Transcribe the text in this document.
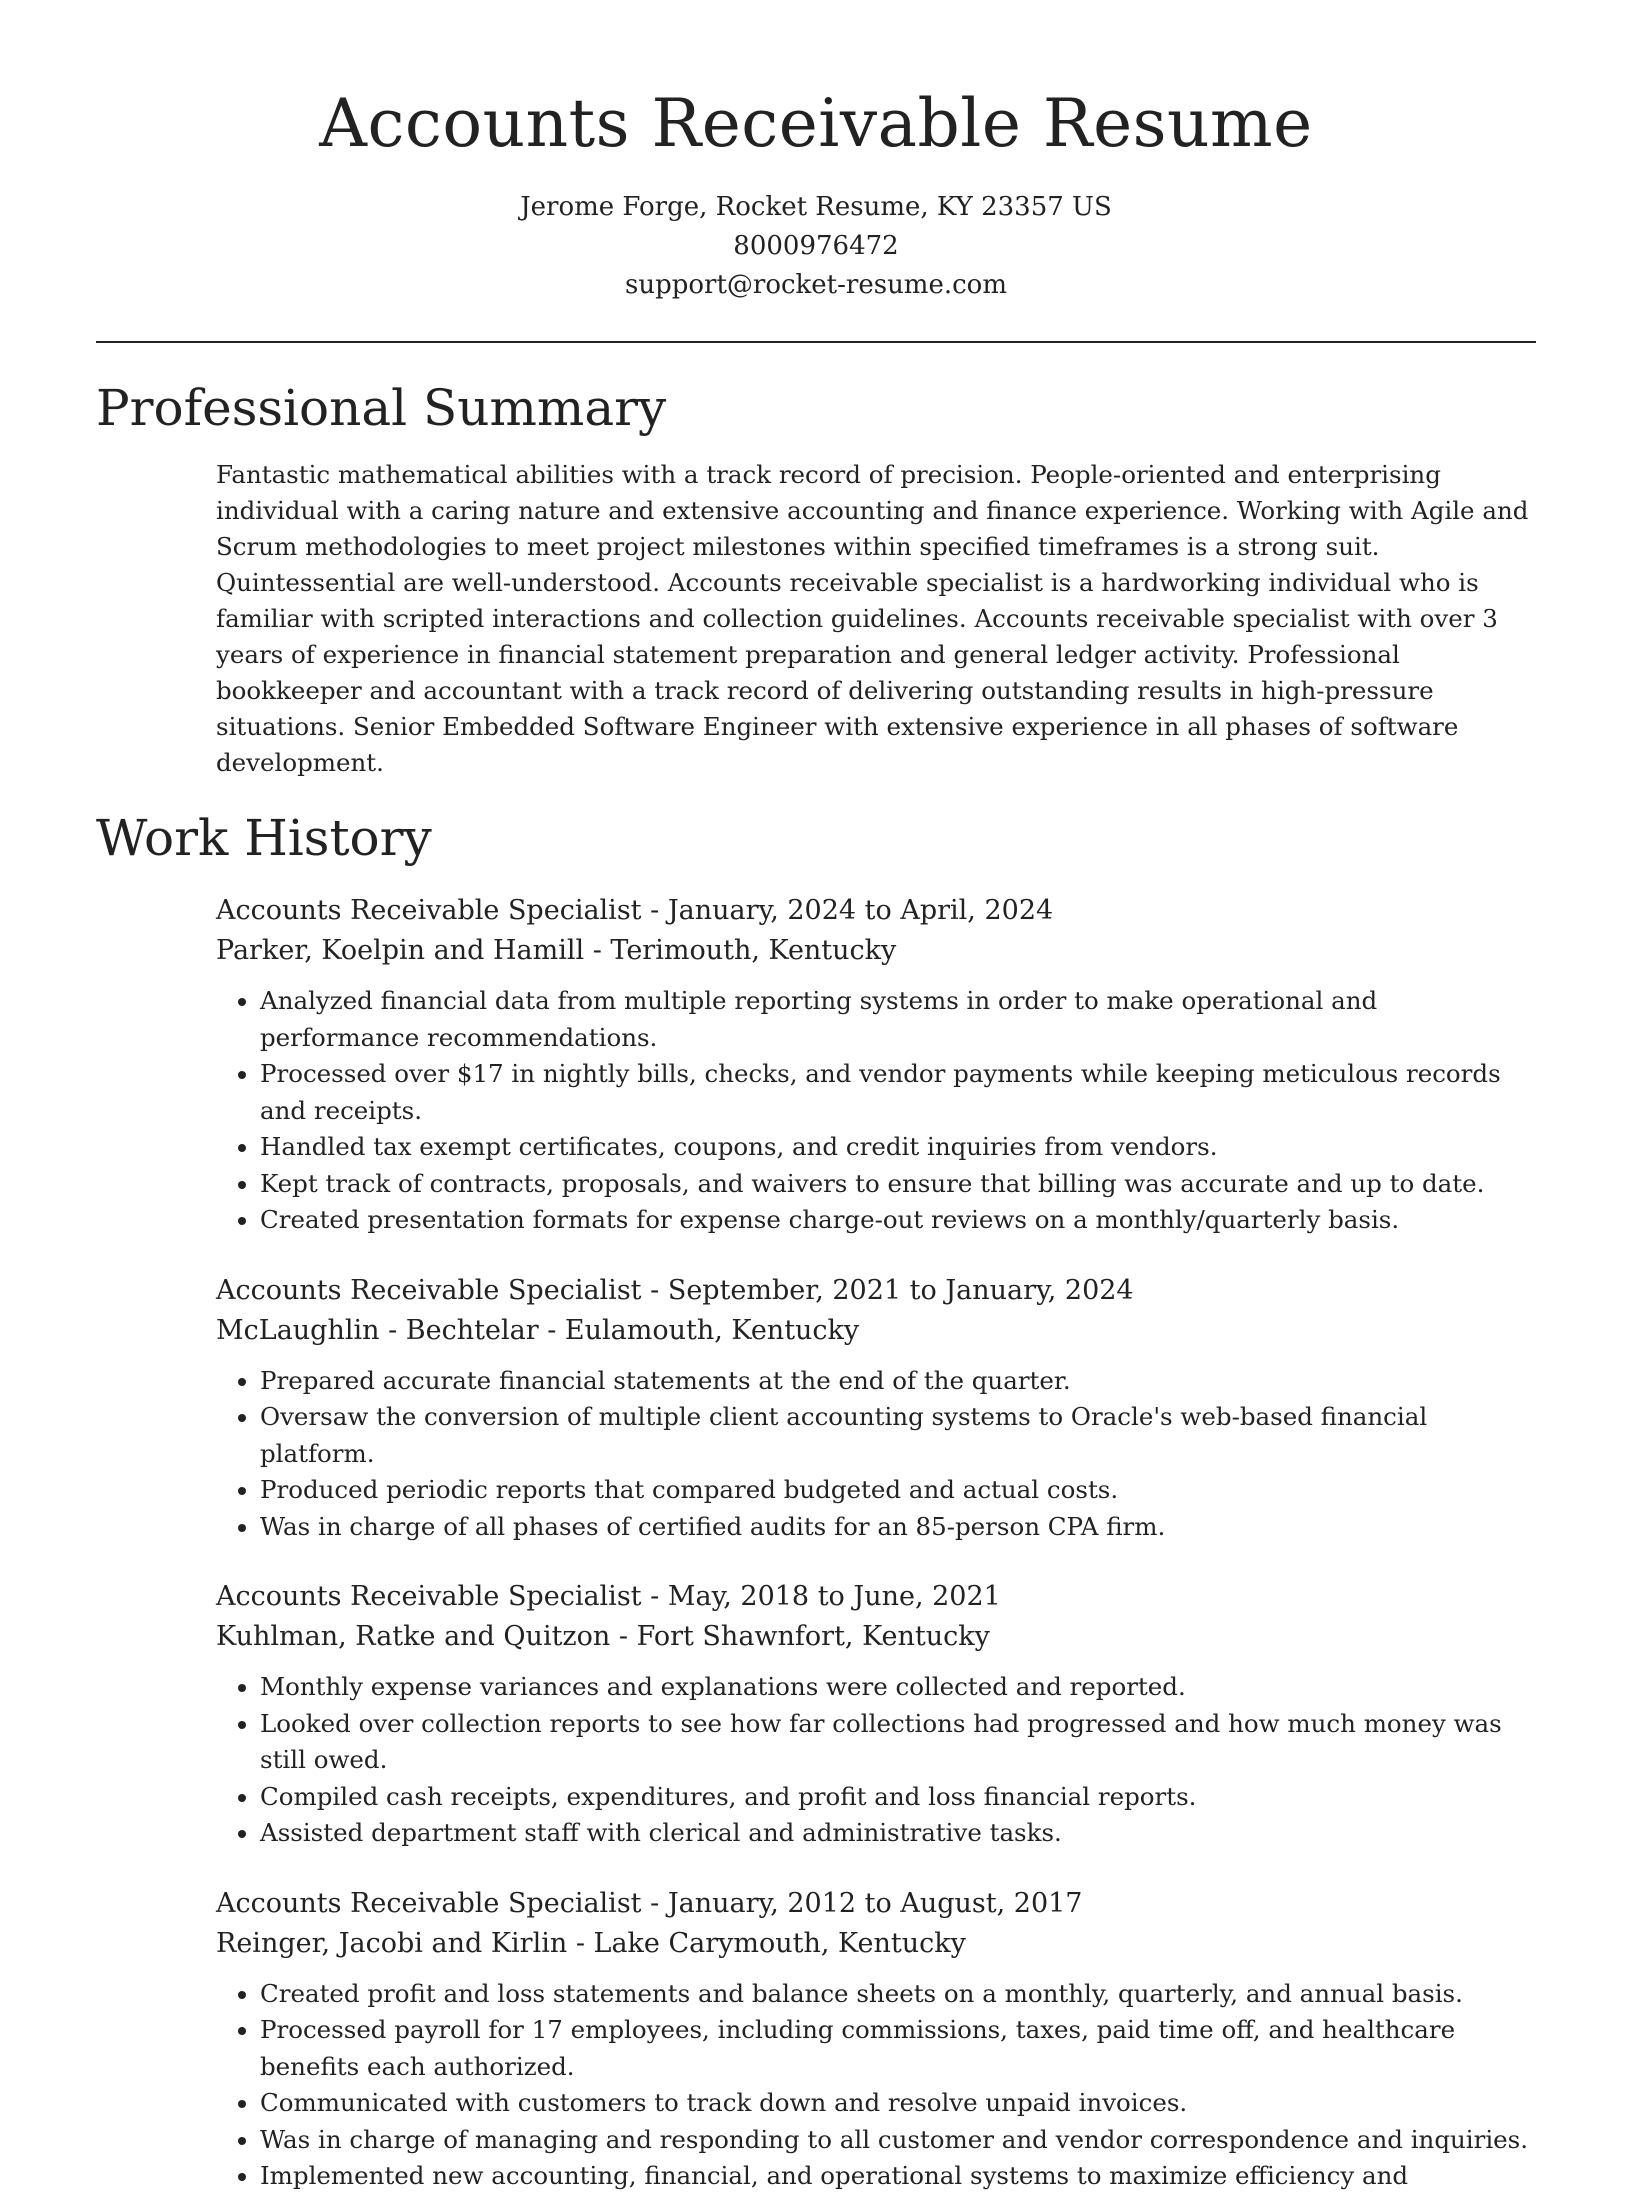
Accounts Receivable Resume
Jerome Forge, Rocket Resume, KY 23357 US
8000976472
support@rocket-resume.com
Professional Summary

Fantastic mathematical abilities with a track record of precision. People-oriented and enterprising individual with a caring nature and extensive accounting and finance experience. Working with Agile and Scrum methodologies to meet project milestones within specified timeframes is a strong suit. Quintessential are well-understood. Accounts receivable specialist is a hardworking individual who is familiar with scripted interactions and collection guidelines. Accounts receivable specialist with over 3 years of experience in financial statement preparation and general ledger activity. Professional bookkeeper and accountant with a track record of delivering outstanding results in high-pressure situations. Senior Embedded Software Engineer with extensive experience in all phases of software development.

Work History
Accounts Receivable Specialist - January, 2024 to April, 2024
Parker, Koelpin and Hamill - Terimouth, Kentucky
• Analyzed financial data from multiple reporting systems in order to make operational and performance recommendations.
• Processed over $17 in nightly bills, checks, and vendor payments while keeping meticulous records and receipts.
• Handled tax exempt certificates, coupons, and credit inquiries from vendors.
• Kept track of contracts, proposals, and waivers to ensure that billing was accurate and up to date.
• Created presentation formats for expense charge-out reviews on a monthly/quarterly basis.
Accounts Receivable Specialist - September, 2021 to January, 2024
McLaughlin - Bechtelar - Eulamouth, Kentucky
• Prepared accurate financial statements at the end of the quarter.
• Oversaw the conversion of multiple client accounting systems to Oracle's web-based financial platform.
• Produced periodic reports that compared budgeted and actual costs.
• Was in charge of all phases of certified audits for an 85-person CPA firm.
Accounts Receivable Specialist - May, 2018 to June, 2021
Kuhlman, Ratke and Quitzon - Fort Shawnfort, Kentucky
• Monthly expense variances and explanations were collected and reported.
• Looked over collection reports to see how far collections had progressed and how much money was still owed.
• Compiled cash receipts, expenditures, and profit and loss financial reports.
• Assisted department staff with clerical and administrative tasks.
Accounts Receivable Specialist - January, 2012 to August, 2017
Reinger, Jacobi and Kirlin - Lake Carymouth, Kentucky
• Created profit and loss statements and balance sheets on a monthly, quarterly, and annual basis.
• Processed payroll for 17 employees, including commissions, taxes, paid time off, and healthcare benefits each authorized.
• Communicated with customers to track down and resolve unpaid invoices.
• Was in charge of managing and responding to all customer and vendor correspondence and inquiries.
• Implemented new accounting, financial, and operational systems to maximize efficiency and
